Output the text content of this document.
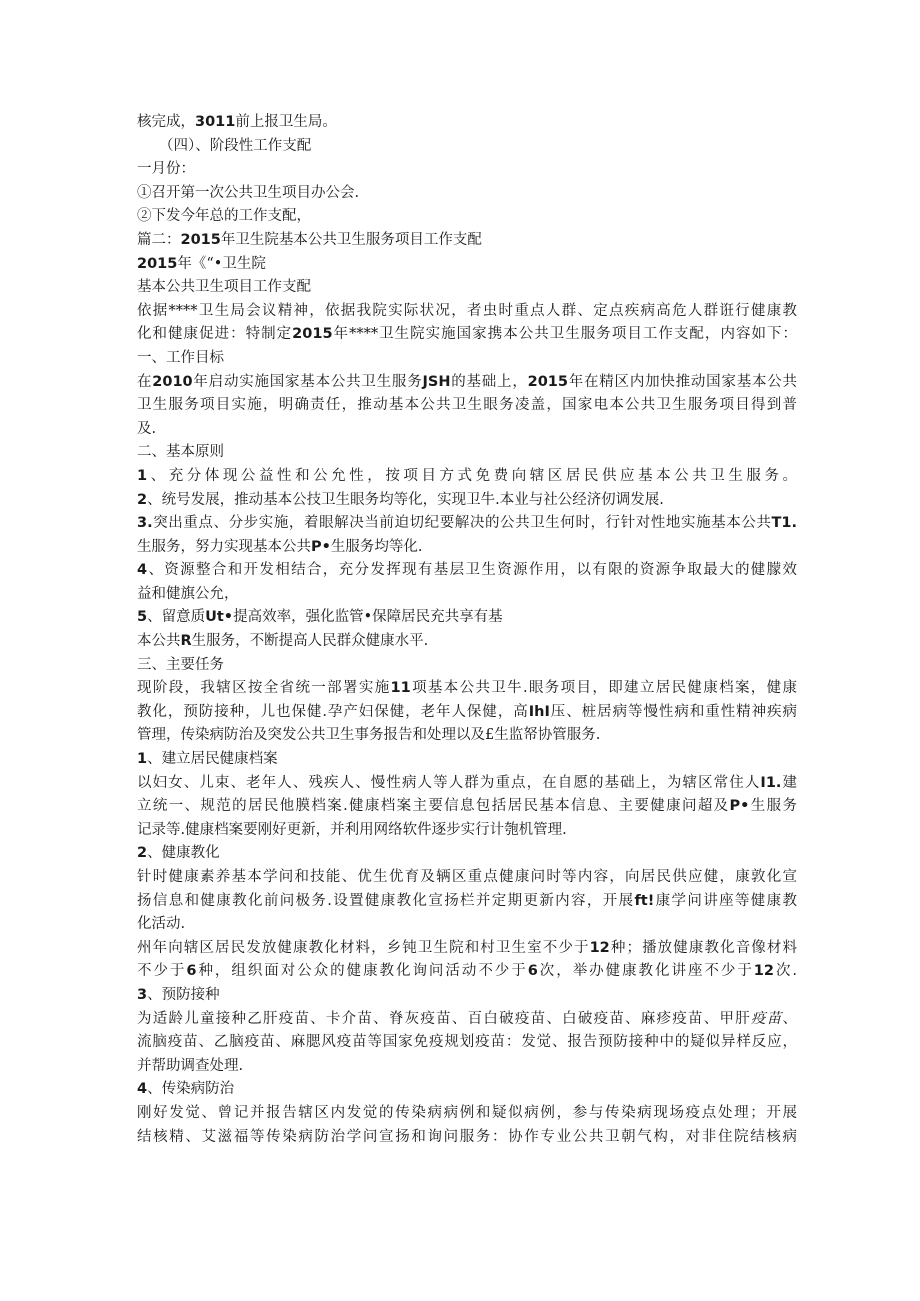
核完成，3011前上报卫生局。
（四）、阶段性工作支配
一月份：
①召开第一次公共卫生项目办公会.
②下发今年总的工作支配，
篇二：2015年卫生院基本公共卫生服务项目工作支配
2015年《“•卫生院
基本公共卫生项目工作支配
依据****卫生局会议精神，依据我院实际状况，者虫时重点人群、定点疾病高危人群诳行健康教
化和健康促进：特制定2015年****卫生院实施国家携本公共卫生服务项目工作支配，内容如下：
一、工作目标
在2010年启动实施国家基本公共卫生服务JSH的基础上，2015年在精区内加快推动国家基本公共
卫生服务项目实施，明确责任，推动基本公共卫生眼务凌盖，国家电本公共卫生服务项目得到普
及.
二、基本原则
1、充分体现公益性和公允性，按项目方式免费向辖区居民供应基本公共卫生服务。
2、统号发展，推动基本公技卫生眼务均等化，实现卫牛.本业与社公经济仞调发展.
3.突出重点、分步实施，着眼解决当前迫切纪要解决的公共卫生何时，行针对性地实施基本公共T1.
生服务，努力实现基本公共P•生服务均等化.
4、资源整合和开发相结合，充分发挥现有基层卫生资源作用，以有限的资源争取最大的健朦效
益和健旗公允，
5、留意质Ut•提高效率，强化监管•保障居民充共享有基
本公共R生服务，不断提高人民群众健康水平.
三、主要任务
现阶段，我辖区按全省统一部署实施11项基本公共卫牛.眼务项目，即建立居民健康档案，健康
教化，预防接种，儿也保健.孕产妇保健，老年人保健，高IhI压、桩居病等慢性病和重性精神疾病
管理，传染病防治及突发公共卫生事务报告和处理以及£生监帑协管服务.
1、建立居民健康档案
以妇女、儿束、老年人、残疾人、慢性病人等人群为重点，在自愿的基础上，为辖区常住人I1.建
立统一、规范的居民他膜档案.健康档案主要信息包括居民基本信息、主要健康问超及P•生服务
记录等.健康档案要刚好更新，并利用网络软件逐步实行计匏机管理.
2、健康教化
针时健康素养基本学问和技能、优生优育及辆区重点健康问时等内容，向居民供应健，康敦化宣
扬信息和健康教化前问极务.设置健康教化宣扬栏并定期更新内容，开展ft!康学问讲座等健康教
化活动.
州年向辖区居民发放健康教化材料，乡钝卫生院和村卫生室不少于12种；播放健康教化音像材料
不少于6种，组织面对公众的健康教化询问活动不少于6次，举办健康教化讲座不少于12次.
3、预防接种
为适龄儿童接种乙肝疫苗、卡介苗、脊灰疫苗、百白破疫苗、白破疫苗、麻疹疫苗、甲肝疫苗、
流脑疫苗、乙脑疫苗、麻腮风疫苗等国家免疫规划疫苗：发觉、报告预防接种中的疑似异样反应，
并帮助调查处理.
4、传染病防治
刚好发觉、曾记并报告辖区内发觉的传染病病例和疑似病例，参与传染病现场疫点处理；开展
结核精、艾滋福等传染病防治学问宣扬和询问服务：协作专业公共卫朝气构，对非住院结核病
